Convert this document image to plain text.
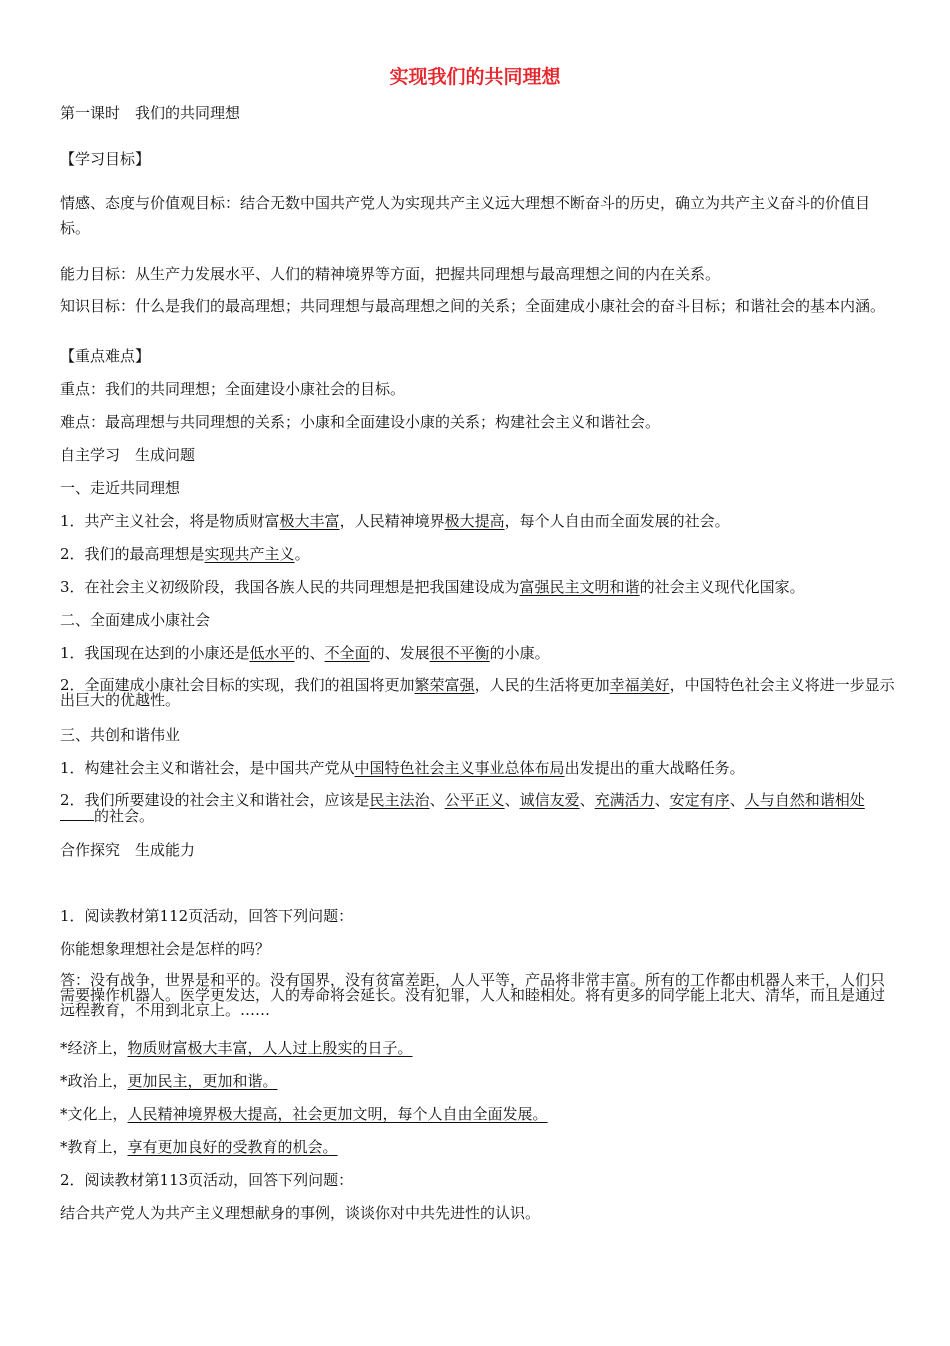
实现我们的共同理想
第一课时　我们的共同理想
【学习目标】
情感、态度与价值观目标：结合无数中国共产党人为实现共产主义远大理想不断奋斗的历史，确立为共产主义奋斗的价值目标。
能力目标：从生产力发展水平、人们的精神境界等方面，把握共同理想与最高理想之间的内在关系。
知识目标：什么是我们的最高理想；共同理想与最高理想之间的关系；全面建成小康社会的奋斗目标；和谐社会的基本内涵。
【重点难点】
重点：我们的共同理想；全面建设小康社会的目标。
难点：最高理想与共同理想的关系；小康和全面建设小康的关系；构建社会主义和谐社会。
自主学习　生成问题
一、走近共同理想
1．共产主义社会，将是物质财富极大丰富，人民精神境界极大提高，每个人自由而全面发展的社会。
2．我们的最高理想是实现共产主义。
3．在社会主义初级阶段，我国各族人民的共同理想是把我国建设成为富强民主文明和谐的社会主义现代化国家。
二、全面建成小康社会
1．我国现在达到的小康还是低水平的、不全面的、发展很不平衡的小康。
2．全面建成小康社会目标的实现，我们的祖国将更加繁荣富强，人民的生活将更加幸福美好，中国特色社会主义将进一步显示出巨大的优越性。
三、共创和谐伟业
1．构建社会主义和谐社会，是中国共产党从中国特色社会主义事业总体布局出发提出的重大战略任务。
2．我们所要建设的社会主义和谐社会，应该是民主法治、公平正义、诚信友爱、充满活力、安定有序、人与自然和谐相处的社会。
合作探究　生成能力
1．阅读教材第112页活动，回答下列问题：
你能想象理想社会是怎样的吗？
答：没有战争，世界是和平的。没有国界，没有贫富差距，人人平等，产品将非常丰富。所有的工作都由机器人来干，人们只需要操作机器人。医学更发达，人的寿命将会延长。没有犯罪，人人和睦相处。将有更多的同学能上北大、清华，而且是通过远程教育，不用到北京上。……
*经济上，物质财富极大丰富，人人过上殷实的日子。
*政治上，更加民主，更加和谐。
*文化上，人民精神境界极大提高，社会更加文明，每个人自由全面发展。
*教育上，享有更加良好的受教育的机会。
2．阅读教材第113页活动，回答下列问题：
结合共产党人为共产主义理想献身的事例，谈谈你对中共先进性的认识。
